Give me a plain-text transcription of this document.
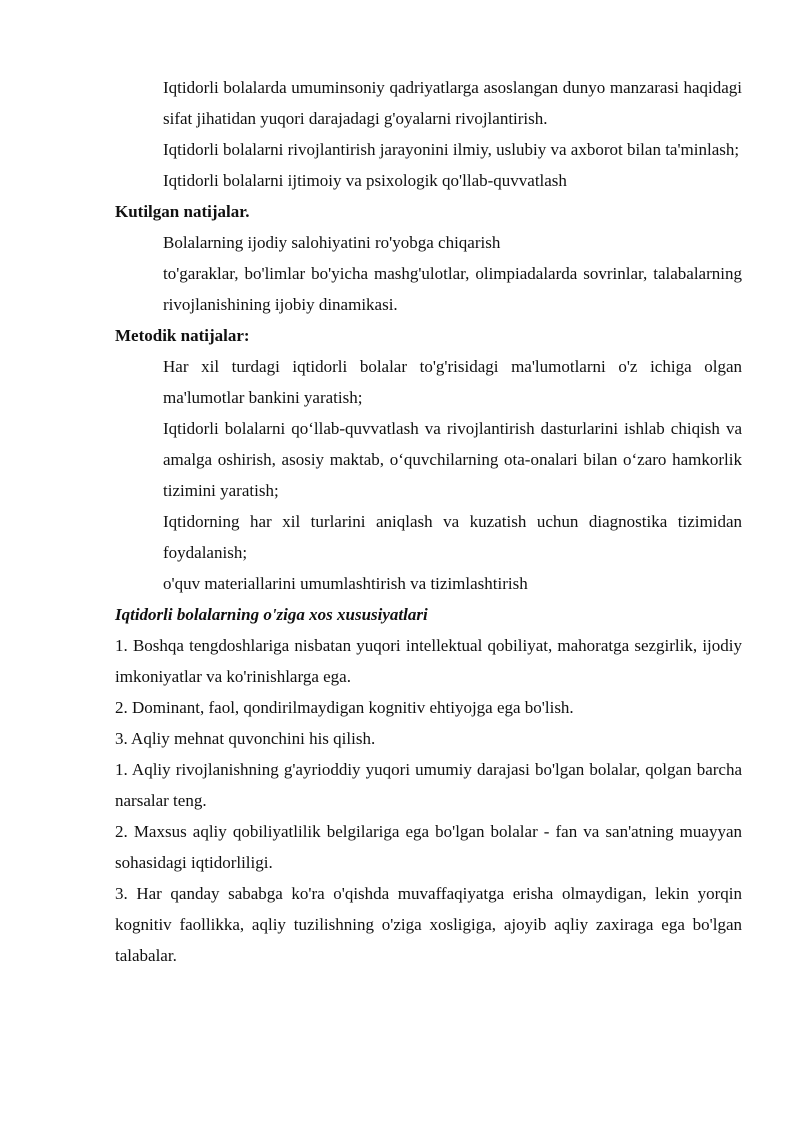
Iqtidorli bolalarda umuminsoniy qadriyatlarga asoslangan dunyo manzarasi haqidagi sifat jihatidan yuqori darajadagi g'oyalarni rivojlantirish.

Iqtidorli bolalarni rivojlantirish jarayonini ilmiy, uslubiy va axborot bilan ta'minlash;

Iqtidorli bolalarni ijtimoiy va psixologik qo'llab-quvvatlash

Kutilgan natijalar.

Bolalarning ijodiy salohiyatini ro'yobga chiqarish

to'garaklar, bo'limlar bo'yicha mashg'ulotlar, olimpiadalarda sovrinlar, talabalarning rivojlanishining ijobiy dinamikasi.

Metodik natijalar:

Har xil turdagi iqtidorli bolalar to'g'risidagi ma'lumotlarni o'z ichiga olgan ma'lumotlar bankini yaratish;

Iqtidorli bolalarni qo‘llab-quvvatlash va rivojlantirish dasturlarini ishlab chiqish va amalga oshirish, asosiy maktab, o‘quvchilarning ota-onalari bilan o‘zaro hamkorlik tizimini yaratish;

Iqtidorning har xil turlarini aniqlash va kuzatish uchun diagnostika tizimidan foydalanish;

o'quv materiallarini umumlashtirish va tizimlashtirish

Iqtidorli bolalarning o'ziga xos xususiyatlari

1. Boshqa tengdoshlariga nisbatan yuqori intellektual qobiliyat, mahoratga sezgirlik, ijodiy imkoniyatlar va ko'rinishlarga ega.

2. Dominant, faol, qondirilmaydigan kognitiv ehtiyojga ega bo'lish.

3. Aqliy mehnat quvonchini his qilish.

1. Aqliy rivojlanishning g'ayrioddiy yuqori umumiy darajasi bo'lgan bolalar, qolgan barcha narsalar teng.

2. Maxsus aqliy qobiliyatlilik belgilariga ega bo'lgan bolalar - fan va san'atning muayyan sohasidagi iqtidorliligi.

3. Har qanday sababga ko'ra o'qishda muvaffaqiyatga erisha olmaydigan, lekin yorqin kognitiv faollikka, aqliy tuzilishning o'ziga xosligiga, ajoyib aqliy zaxiraga ega bo'lgan talabalar.
